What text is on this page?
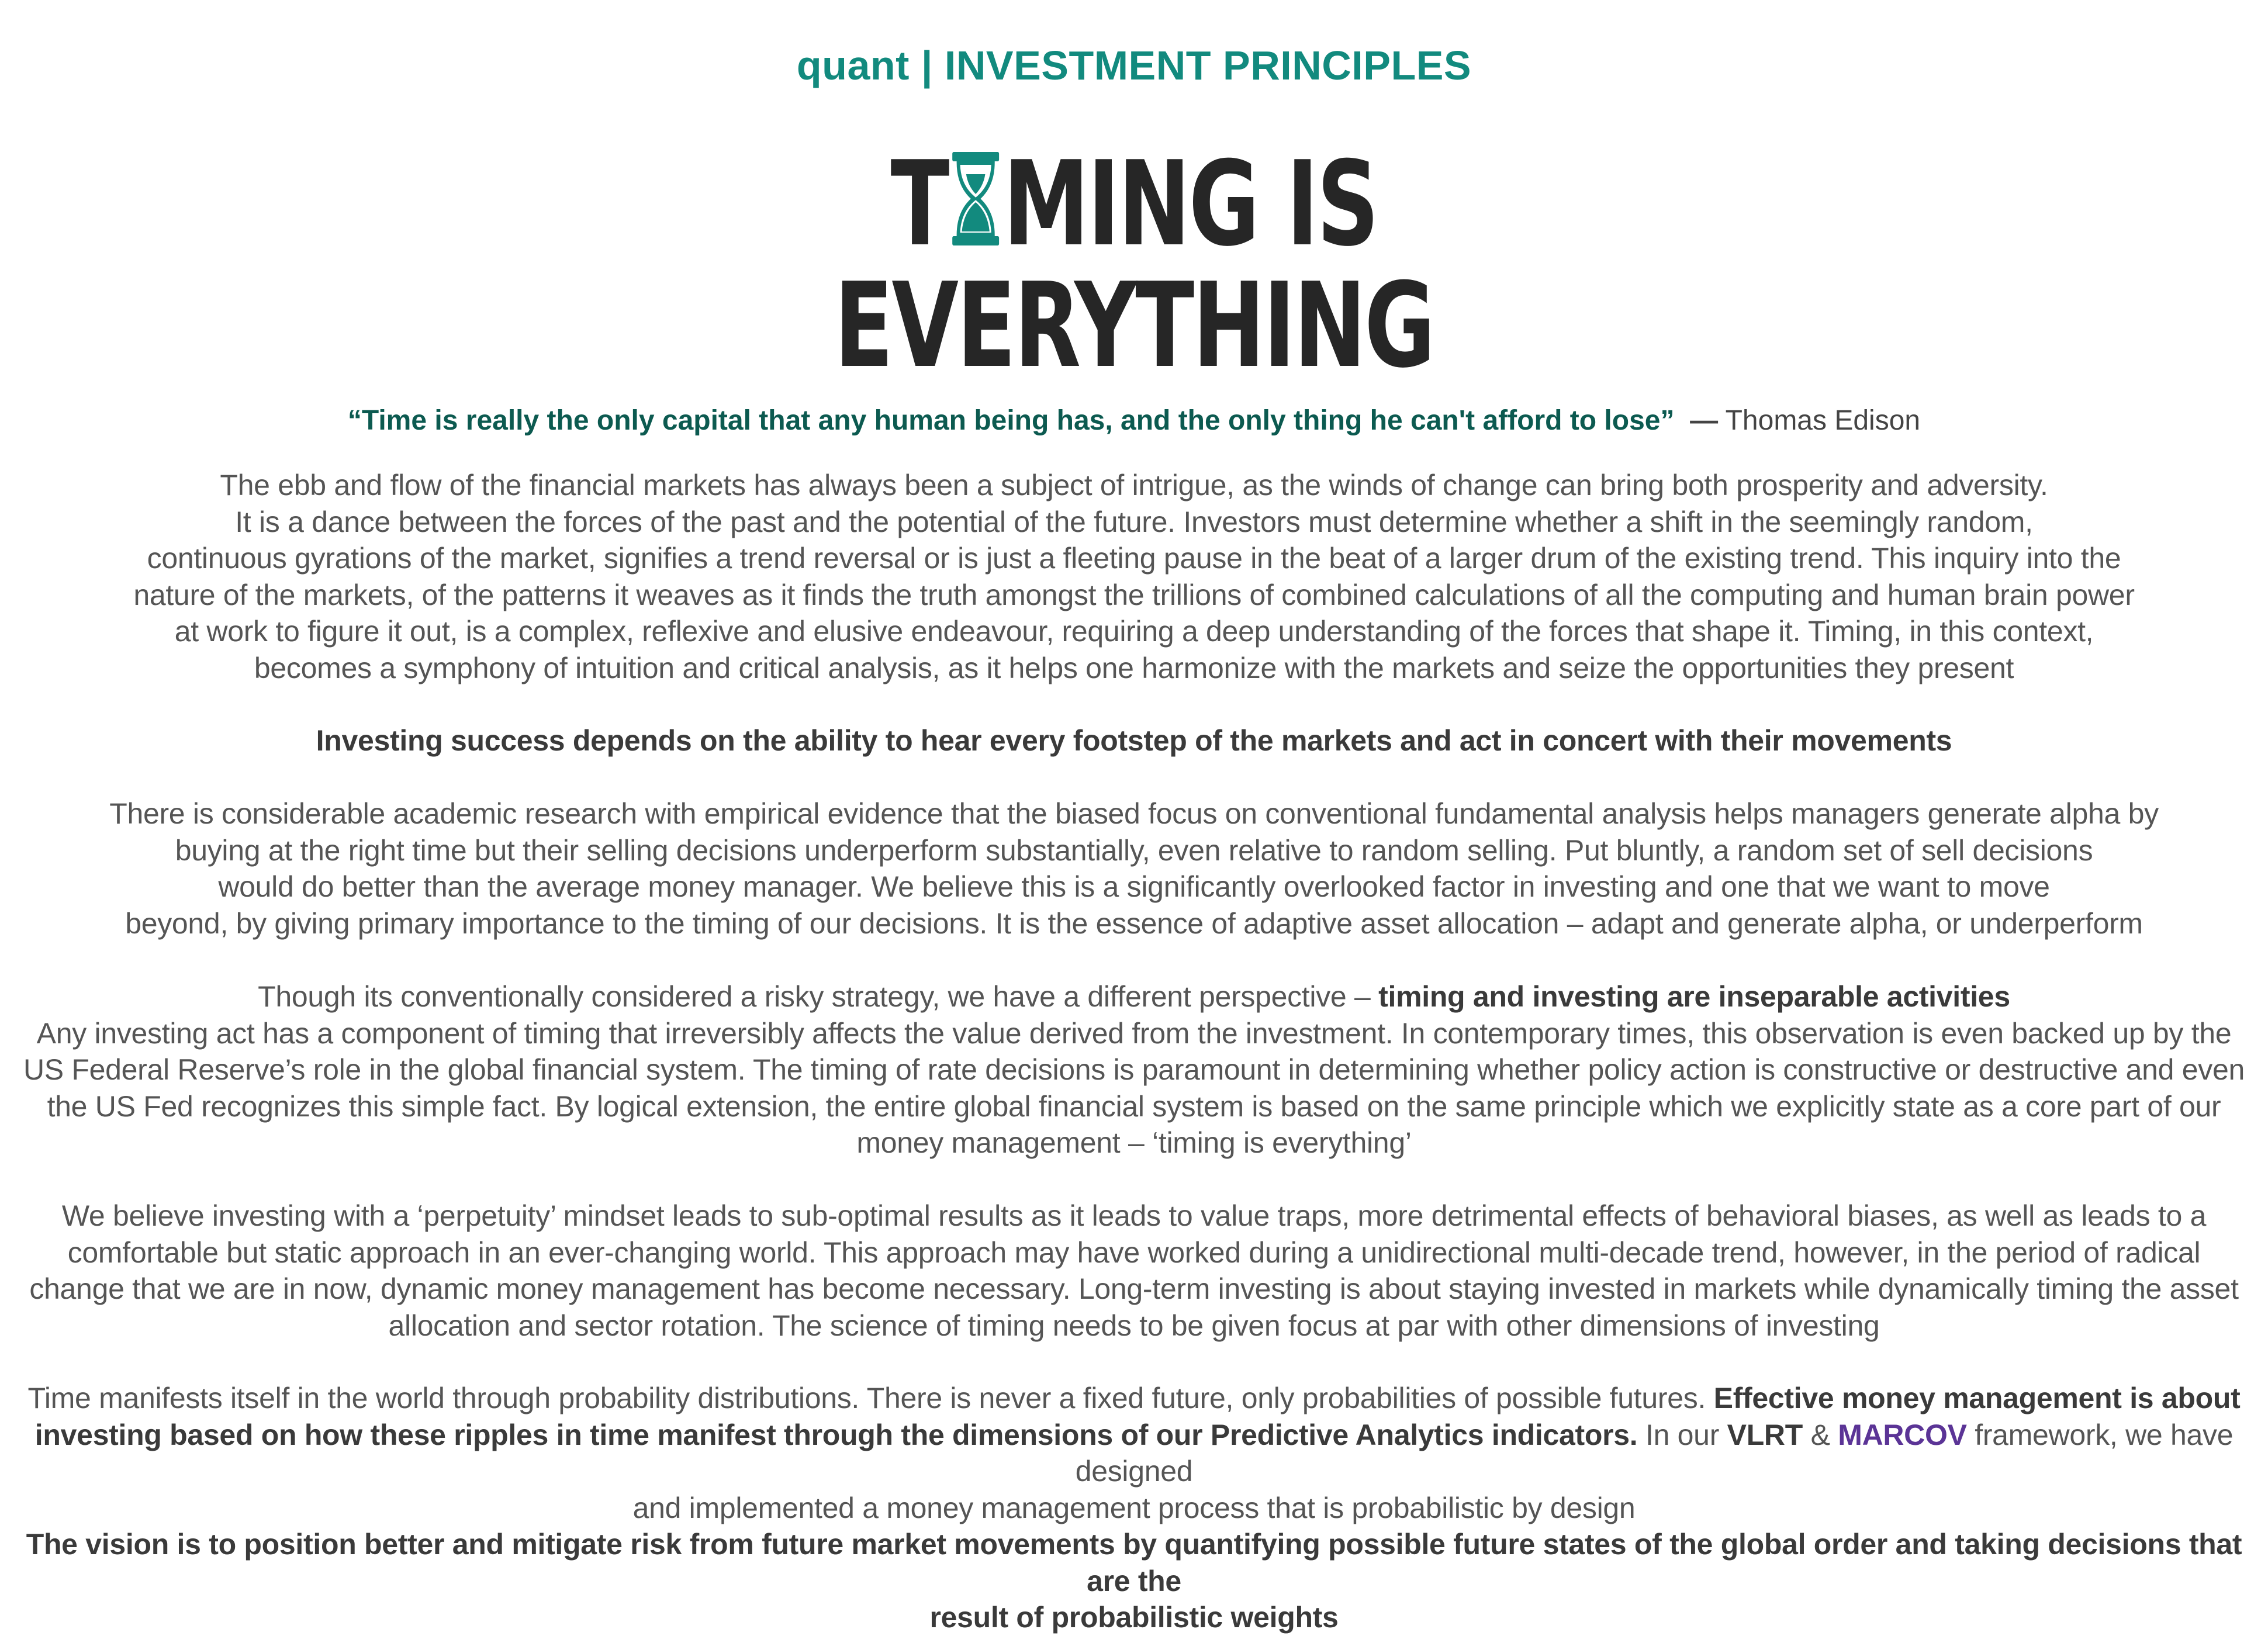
quant | INVESTMENT PRINCIPLES
T MING IS
EVERYTHING
“Time is really the only capital that any human being has, and the only thing he can't afford to lose” — Thomas Edison
The ebb and flow of the financial markets has always been a subject of intrigue, as the winds of change can bring both prosperity and adversity.
It is a dance between the forces of the past and the potential of the future. Investors must determine whether a shift in the seemingly random,
continuous gyrations of the market, signifies a trend reversal or is just a fleeting pause in the beat of a larger drum of the existing trend. This inquiry into the
nature of the markets, of the patterns it weaves as it finds the truth amongst the trillions of combined calculations of all the computing and human brain power
at work to figure it out, is a complex, reflexive and elusive endeavour, requiring a deep understanding of the forces that shape it. Timing, in this context,
becomes a symphony of intuition and critical analysis, as it helps one harmonize with the markets and seize the opportunities they present
Investing success depends on the ability to hear every footstep of the markets and act in concert with their movements
There is considerable academic research with empirical evidence that the biased focus on conventional fundamental analysis helps managers generate alpha by
buying at the right time but their selling decisions underperform substantially, even relative to random selling. Put bluntly, a random set of sell decisions
would do better than the average money manager. We believe this is a significantly overlooked factor in investing and one that we want to move
beyond, by giving primary importance to the timing of our decisions. It is the essence of adaptive asset allocation – adapt and generate alpha, or underperform
Though its conventionally considered a risky strategy, we have a different perspective – timing and investing are inseparable activities
Any investing act has a component of timing that irreversibly affects the value derived from the investment. In contemporary times, this observation is even backed up by the
US Federal Reserve’s role in the global financial system. The timing of rate decisions is paramount in determining whether policy action is constructive or destructive and even
the US Fed recognizes this simple fact. By logical extension, the entire global financial system is based on the same principle which we explicitly state as a core part of our
money management – ‘timing is everything’
We believe investing with a ‘perpetuity’ mindset leads to sub-optimal results as it leads to value traps, more detrimental effects of behavioral biases, as well as leads to a
comfortable but static approach in an ever-changing world. This approach may have worked during a unidirectional multi-decade trend, however, in the period of radical
change that we are in now, dynamic money management has become necessary. Long-term investing is about staying invested in markets while dynamically timing the asset
allocation and sector rotation. The science of timing needs to be given focus at par with other dimensions of investing
Time manifests itself in the world through probability distributions. There is never a fixed future, only probabilities of possible futures. Effective money management is about
investing based on how these ripples in time manifest through the dimensions of our Predictive Analytics indicators. In our VLRT & MARCOV framework, we have designed
and implemented a money management process that is probabilistic by design
The vision is to position better and mitigate risk from future market movements by quantifying possible future states of the global order and taking decisions that are the
result of probabilistic weights
